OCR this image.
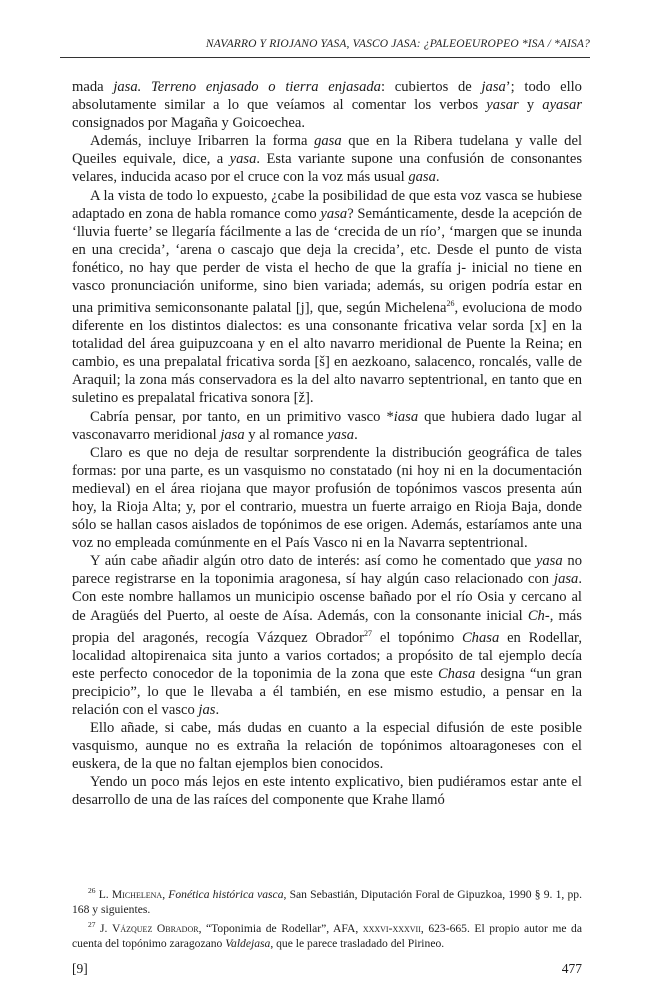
NAVARRO Y RIOJANO YASA, VASCO JASA: ¿PALEOEUROPEO *ISA / *AISA?

mada jasa. Terreno enjasado o tierra enjasada: cubiertos de jasa’; todo ello absolutamente similar a lo que veíamos al comentar los verbos yasar y ayasar consignados por Magaña y Goicoechea.

Además, incluye Iribarren la forma gasa que en la Ribera tudelana y valle del Queiles equivale, dice, a yasa. Esta variante supone una confusión de consonantes velares, inducida acaso por el cruce con la voz más usual gasa.

A la vista de todo lo expuesto, ¿cabe la posibilidad de que esta voz vasca se hubiese adaptado en zona de habla romance como yasa? Semánticamente, desde la acepción de ‘lluvia fuerte’ se llegaría fácilmente a las de ‘crecida de un río’, ‘margen que se inunda en una crecida’, ‘arena o cascajo que deja la crecida’, etc. Desde el punto de vista fonético, no hay que perder de vista el hecho de que la grafía j- inicial no tiene en vasco pronunciación uniforme, sino bien variada; además, su origen podría estar en una primitiva semiconsonante palatal [j], que, según Michelena$^{26}$, evoluciona de modo diferente en los distintos dialectos: es una consonante fricativa velar sorda [x] en la totalidad del área guipuzcoana y en el alto navarro meridional de Puente la Reina; en cambio, es una prepalatal fricativa sorda [š] en aezkoano, salacenco, roncalés, valle de Araquil; la zona más conservadora es la del alto navarro septentrional, en tanto que en suletino es prepalatal fricativa sonora [ž].

Cabría pensar, por tanto, en un primitivo vasco *iasa que hubiera dado lugar al vasconavarro meridional jasa y al romance yasa.

Claro es que no deja de resultar sorprendente la distribución geográfica de tales formas: por una parte, es un vasquismo no constatado (ni hoy ni en la documentación medieval) en el área riojana que mayor profusión de topónimos vascos presenta aún hoy, la Rioja Alta; y, por el contrario, muestra un fuerte arraigo en Rioja Baja, donde sólo se hallan casos aislados de topónimos de ese origen. Además, estaríamos ante una voz no empleada comúnmente en el País Vasco ni en la Navarra septentrional.

Y aún cabe añadir algún otro dato de interés: así como he comentado que yasa no parece registrarse en la toponimia aragonesa, sí hay algún caso relacionado con jasa. Con este nombre hallamos un municipio oscense bañado por el río Osia y cercano al de Aragüés del Puerto, al oeste de Aísa. Además, con la consonante inicial Ch-, más propia del aragonés, recogía Vázquez Obrador$^{27}$ el topónimo Chasa en Rodellar, localidad altopirenaica sita junto a varios cortados; a propósito de tal ejemplo decía este perfecto conocedor de la toponimia de la zona que este Chasa designa “un gran precipicio”, lo que le llevaba a él también, en ese mismo estudio, a pensar en la relación con el vasco jas.

Ello añade, si cabe, más dudas en cuanto a la especial difusión de este posible vasquismo, aunque no es extraña la relación de topónimos altoaragoneses con el euskera, de la que no faltan ejemplos bien conocidos.

Yendo un poco más lejos en este intento explicativo, bien pudiéramos estar ante el desarrollo de una de las raíces del componente que Krahe llamó

$^{26}$ L. Michelena, Fonética histórica vasca, San Sebastián, Diputación Foral de Gipuzkoa, 1990 § 9. 1, pp. 168 y siguientes.

$^{27}$ J. Vázquez Obrador, “Toponimia de Rodellar”, AFA, xxxvi-xxxvii, 623-665. El propio autor me da cuenta del topónimo zaragozano Valdejasa, que le parece trasladado del Pirineo.

[9]	477
